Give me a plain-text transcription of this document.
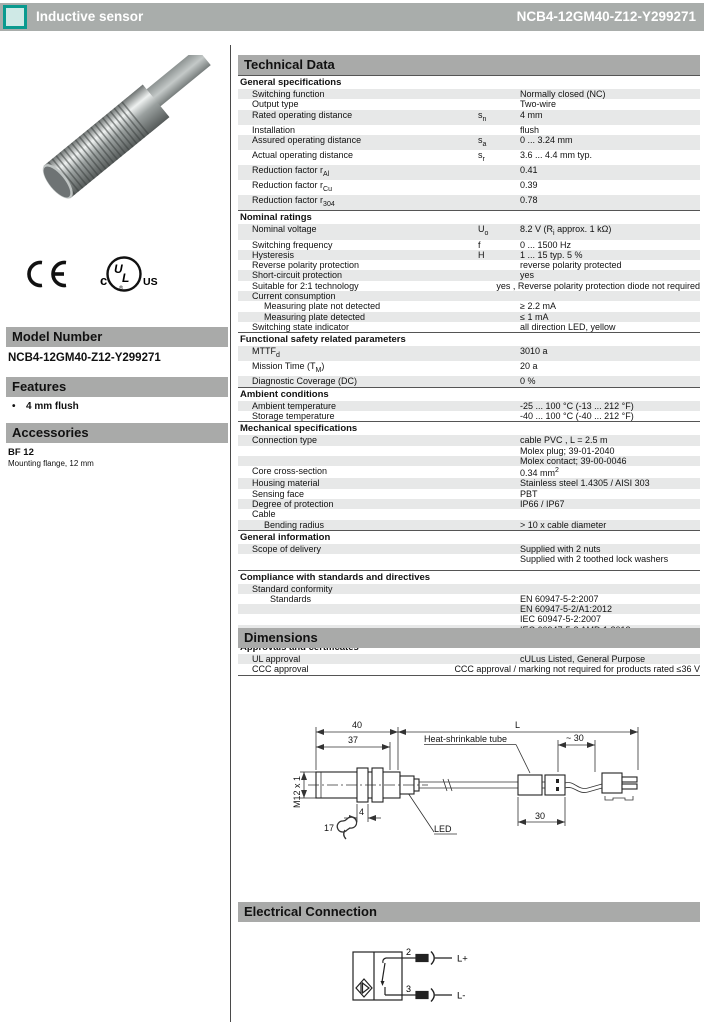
Inductive sensor	NCB4-12GM40-Z12-Y299271
c	US
U
L
®
Model Number
NCB4-12GM40-Z12-Y299271
Features
• 4 mm flush
Accessories
BF 12
Mounting flange, 12 mm
Technical Data
General specifications
Switching function	Normally closed (NC)
Output type	Two-wire
Rated operating distance	$s_n$	4 mm
Installation	flush
Assured operating distance	$s_a$	0 ... 3.24 mm
Actual operating distance	$s_r$	3.6 ... 4.4 mm typ.
Reduction factor $r_{Al}$	0.41
Reduction factor $r_{Cu}$	0.39
Reduction factor $r_{304}$	0.78
Nominal ratings
Nominal voltage	$U_o$	8.2 V ($R_i$ approx. 1 kΩ)
Switching frequency	f	0 ... 1500 Hz
Hysteresis	H	1 ... 15 typ. 5 %
Reverse polarity protection	reverse polarity protected
Short-circuit protection	yes
Suitable for 2:1 technology	yes , Reverse polarity protection diode not required
Current consumption
Measuring plate not detected	≥ 2.2 mA
Measuring plate detected	≤ 1 mA
Switching state indicator	all direction LED, yellow
Functional safety related parameters
$MTTF_d$	3010 a
Mission Time $(T_M)$	20 a
Diagnostic Coverage (DC)	0 %
Ambient conditions
Ambient temperature	-25 ... 100 °C (-13 ... 212 °F)
Storage temperature	-40 ... 100 °C (-40 ... 212 °F)
Mechanical specifications
Connection type	cable PVC , L = 2.5 m
Molex plug; 39-01-2040
Molex contact; 39-00-0046
Core cross-section	0.34 $mm^2$
Housing material	Stainless steel 1.4305 / AISI 303
Sensing face	PBT
Degree of protection	IP66 / IP67
Cable
Bending radius	> 10 x cable diameter
General information
Scope of delivery	Supplied with 2 nuts
Supplied with 2 toothed lock washers
Compliance with standards and directives
Standard conformity
Standards	EN 60947-5-2:2007
EN 60947-5-2/A1:2012
IEC 60947-5-2:2007
UL approval	cULus Listed, General Purpose
CCC approval	CCC approval / marking not required for products rated ≤36 V
Dimensions
40
37
L
~ 30
M12 x 1
17
4	30
Heat-shrinkable tube
LED
Electrical Connection
2
3
L+
L-
